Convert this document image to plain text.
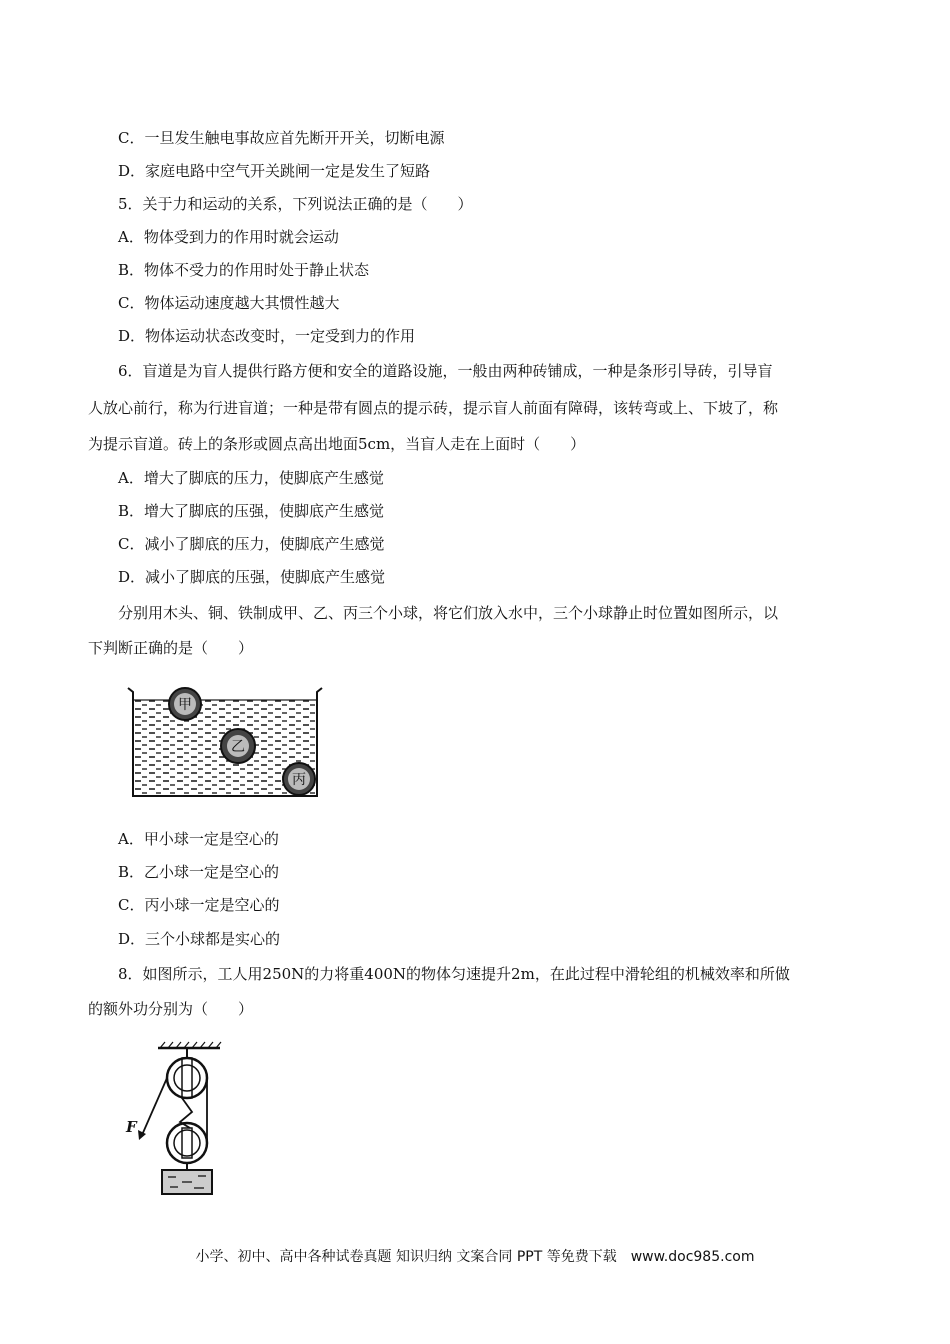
C．一旦发生触电事故应首先断开开关，切断电源
D．家庭电路中空气开关跳闸一定是发生了短路
5．关于力和运动的关系，下列说法正确的是（　　）
A．物体受到力的作用时就会运动
B．物体不受力的作用时处于静止状态
C．物体运动速度越大其惯性越大
D．物体运动状态改变时，一定受到力的作用
6．盲道是为盲人提供行路方便和安全的道路设施，一般由两种砖铺成，一种是条形引导砖，引导盲
人放心前行，称为行进盲道；一种是带有圆点的提示砖，提示盲人前面有障碍，该转弯或上、下坡了，称
为提示盲道。砖上的条形或圆点高出地面5cm，当盲人走在上面时（　　）
A．增大了脚底的压力，使脚底产生感觉
B．增大了脚底的压强，使脚底产生感觉
C．减小了脚底的压力，使脚底产生感觉
D．减小了脚底的压强，使脚底产生感觉
分别用木头、铜、铁制成甲、乙、丙三个小球，将它们放入水中，三个小球静止时位置如图所示，以
下判断正确的是（　　）
甲
乙
丙
A．甲小球一定是空心的
B．乙小球一定是空心的
C．丙小球一定是空心的
D．三个小球都是实心的
8．如图所示，工人用250N的力将重400N的物体匀速提升2m，在此过程中滑轮组的机械效率和所做
的额外功分别为（　　）
F
小学、初中、高中各种试卷真题 知识归纳 文案合同 PPT 等免费下载　www.doc985.com
